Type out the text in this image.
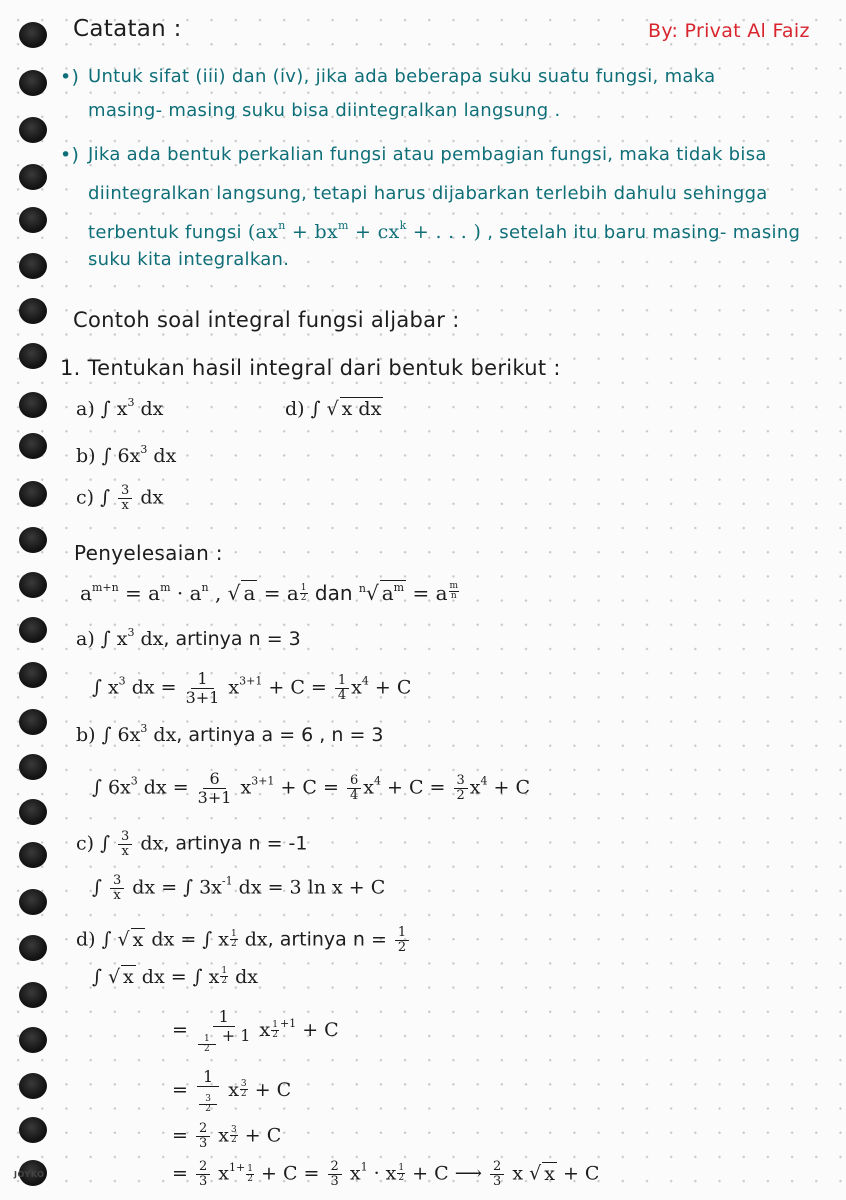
Catatan :	By: Privat Al Faiz
•) Untuk sifat (iii) dan (iv), jika ada beberapa suku suatu fungsi, maka
masing- masing suku bisa diintegralkan langsung .
•) Jika ada bentuk perkalian fungsi atau pembagian fungsi, maka tidak bisa
diintegralkan langsung, tetapi harus dijabarkan terlebih dahulu sehingga
terbentuk fungsi ($ax^n + bx^m + cx^k$ + . . . ) , setelah itu baru masing- masing
suku kita integralkan.
Contoh soal integral fungsi aljabar :
1. Tentukan hasil integral dari bentuk berikut :
a) ∫ $x^3$ dx	d) ∫ √ x dx
b) ∫ $6x^3$ dx
c) ∫ $\frac{3}{x}$ dx
Penyelesaian :
$a^{m+n} = a^m \cdot a^n$ , √ a = a $\frac{1}{2}$ dan $^n$√ $a^m = a \frac{m}{n}$
a) ∫ $x^3$ dx, artinya n = 3
∫ $x^3$ dx = $\frac{1}{3+1} x^{3+1} + C = \frac{1}{4} x^4 + C$
b) ∫ $6x^3$ dx, artinya a = 6 , n = 3
∫ $6x^3$ dx = $\frac{6}{3+1} x^{3+1} + C = \frac{6}{4} x^4 + C = \frac{3}{2} x^4 + C$
c) ∫ $\frac{3}{x}$ dx, artinya n = -1
∫ $\frac{3}{x}$ dx = ∫ $3x^{-1}$ dx = 3 ln x + C
d) ∫ √ x dx = ∫ x $\frac{1}{2}$ dx, artinya $n = \frac{1}{2}$
∫ √ x dx = ∫ x $\frac{1}{2}$ dx
= $\frac{1}{\frac{1}{2} + 1}$ x $^{\frac{1}{2} +1}$ + C
= $\frac{1}{\frac{3}{2}}$ x $\frac{3}{2} + C$
= $\frac{2}{3}$ x $\frac{3}{2} + C$
= $\frac{2}{3} x^{1+ \frac{1}{2}} + C = \frac{2}{3} x^1 \cdot x \frac{1}{2} + C$ ⟶ $\frac{2}{3}$ x √ x + C
JOYKO
